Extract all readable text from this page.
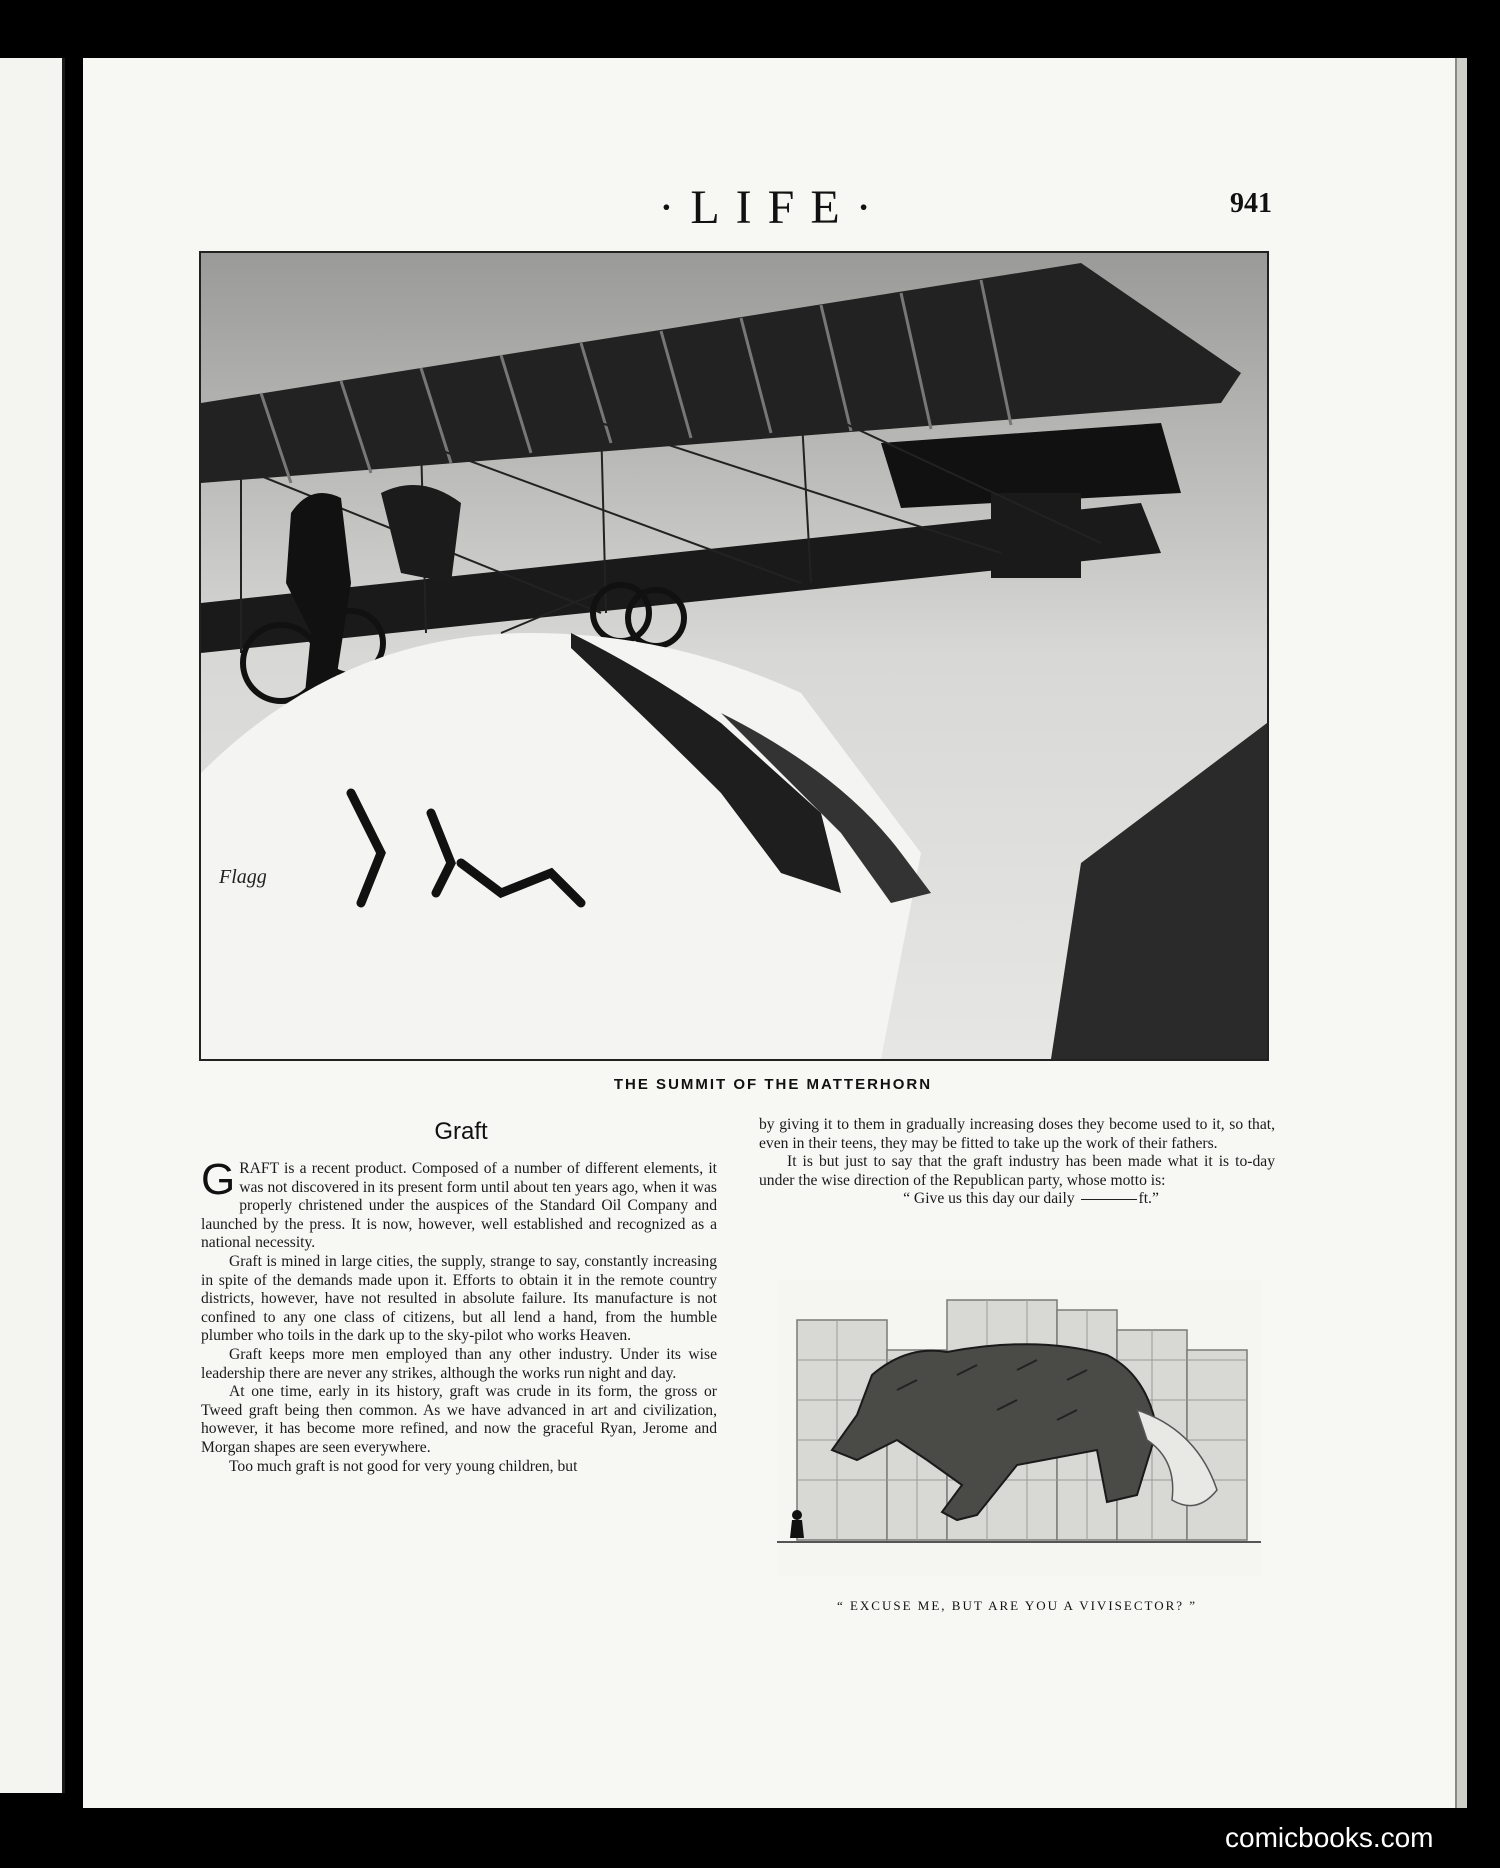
·LIFE·	941
Flagg
THE SUMMIT OF THE MATTERHORN
Graft

GRAFT is a recent product. Composed of a number of different elements, it was not discovered in its present form until about ten years ago, when it was properly christened under the auspices of the Standard Oil Company and launched by the press. It is now, however, well established and recognized as a national necessity.

Graft is mined in large cities, the supply, strange to say, constantly increasing in spite of the demands made upon it. Efforts to obtain it in the remote country districts, however, have not resulted in absolute failure. Its manufacture is not confined to any one class of citizens, but all lend a hand, from the humble plumber who toils in the dark up to the sky-pilot who works Heaven.

Graft keeps more men employed than any other industry. Under its wise leadership there are never any strikes, although the works run night and day.

At one time, early in its history, graft was crude in its form, the gross or Tweed graft being then common. As we have advanced in art and civilization, however, it has become more refined, and now the graceful Ryan, Jerome and Morgan shapes are seen everywhere.

Too much graft is not good for very young children, but

by giving it to them in gradually increasing doses they become used to it, so that, even in their teens, they may be fitted to take up the work of their fathers.

It is but just to say that the graft industry has been made what it is to-day under the wise direction of the Republican party, whose motto is:

“ Give us this day our daily	ft.”

“ EXCUSE ME, BUT ARE YOU A VIVISECTOR? ”
comicbooks.com
